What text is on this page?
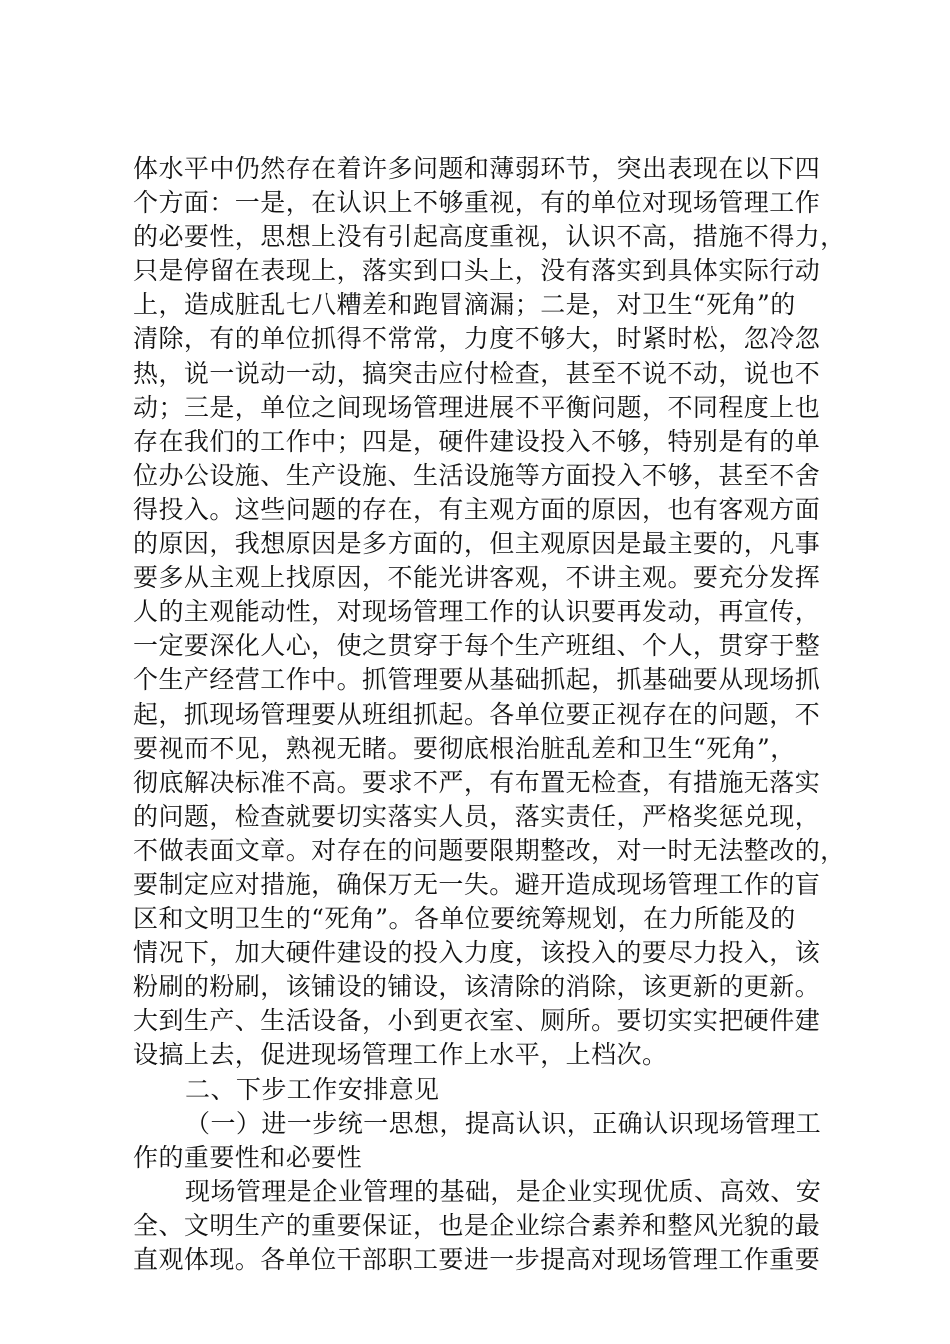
体水平中仍然存在着许多问题和薄弱环节，突出表现在以下四
个方面：一是，在认识上不够重视，有的单位对现场管理工作
的必要性，思想上没有引起高度重视，认识不高，措施不得力，
只是停留在表现上，落实到口头上，没有落实到具体实际行动
上，造成脏乱七八糟差和跑冒滴漏；二是，对卫生“死角”的
清除，有的单位抓得不常常，力度不够大，时紧时松，忽冷忽
热，说一说动一动，搞突击应付检查，甚至不说不动，说也不
动；三是，单位之间现场管理进展不平衡问题，不同程度上也
存在我们的工作中；四是，硬件建设投入不够，特别是有的单
位办公设施、生产设施、生活设施等方面投入不够，甚至不舍
得投入。这些问题的存在，有主观方面的原因，也有客观方面
的原因，我想原因是多方面的，但主观原因是最主要的，凡事
要多从主观上找原因，不能光讲客观，不讲主观。要充分发挥
人的主观能动性，对现场管理工作的认识要再发动，再宣传，
一定要深化人心，使之贯穿于每个生产班组、个人，贯穿于整
个生产经营工作中。抓管理要从基础抓起，抓基础要从现场抓
起，抓现场管理要从班组抓起。各单位要正视存在的问题，不
要视而不见，熟视无睹。要彻底根治脏乱差和卫生“死角”，
彻底解决标准不高。要求不严，有布置无检查，有措施无落实
的问题，检查就要切实落实人员，落实责任，严格奖惩兑现，
不做表面文章。对存在的问题要限期整改，对一时无法整改的，
要制定应对措施，确保万无一失。避开造成现场管理工作的盲
区和文明卫生的“死角”。各单位要统筹规划，在力所能及的
情况下，加大硬件建设的投入力度，该投入的要尽力投入，该
粉刷的粉刷，该铺设的铺设，该清除的消除，该更新的更新。
大到生产、生活设备，小到更衣室、厕所。要切实实把硬件建
设搞上去，促进现场管理工作上水平，上档次。
二、下步工作安排意见
（一）进一步统一思想，提高认识，正确认识现场管理工
作的重要性和必要性
现场管理是企业管理的基础，是企业实现优质、高效、安
全、文明生产的重要保证，也是企业综合素养和整风光貌的最
直观体现。各单位干部职工要进一步提高对现场管理工作重要
